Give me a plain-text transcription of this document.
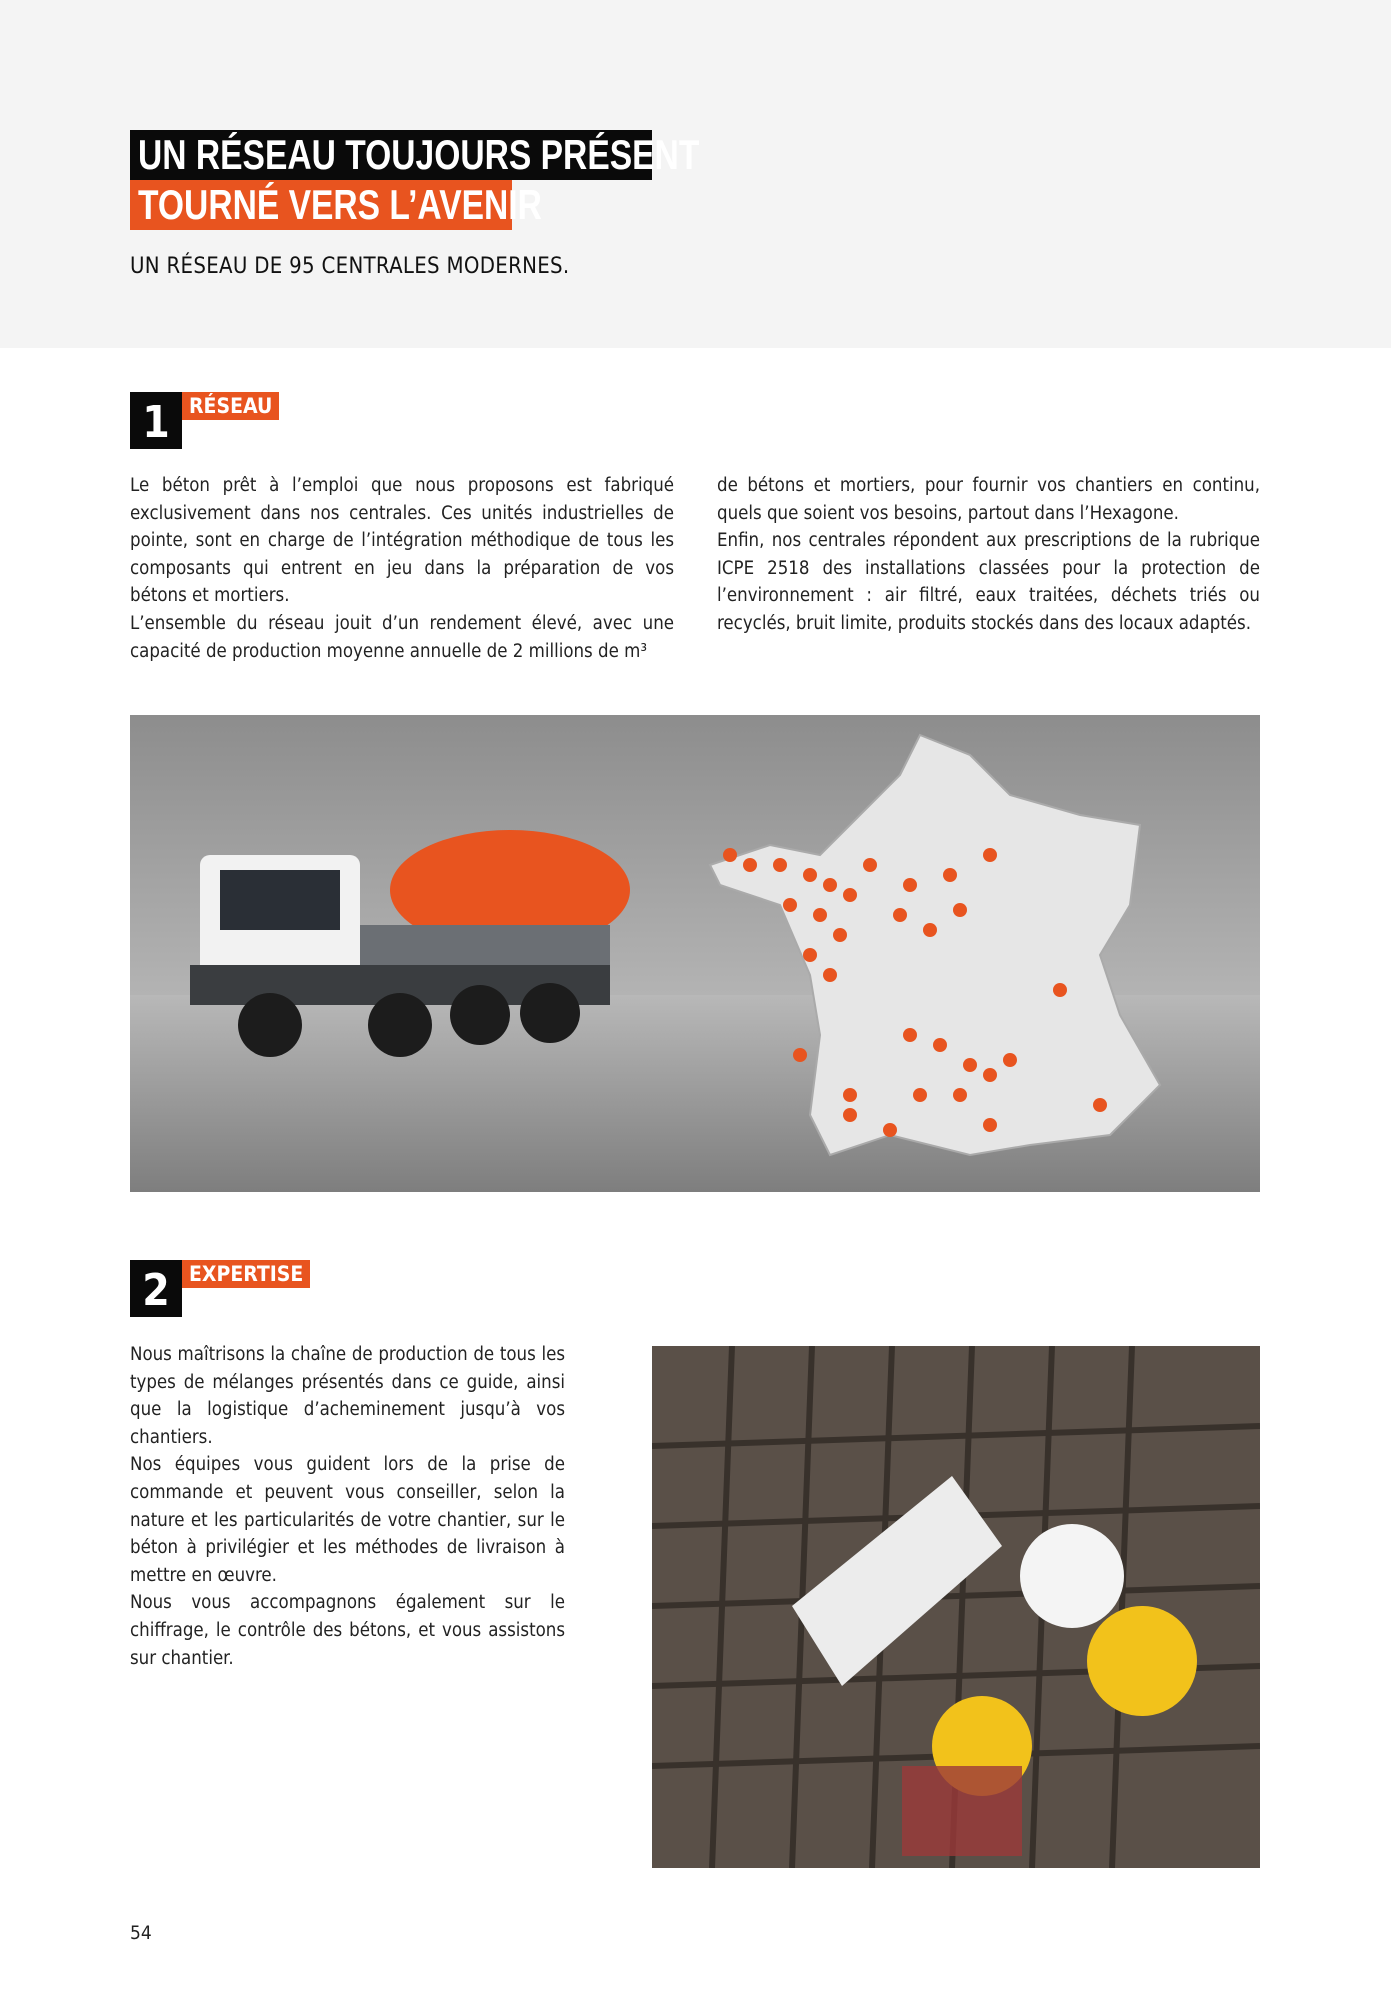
UN RÉSEAU TOUJOURS PRÉSENT
TOURNÉ VERS L’AVENIR
UN RÉSEAU DE 95 CENTRALES MODERNES.
1 RÉSEAU

Le béton prêt à l’emploi que nous proposons est fabriqué exclusivement dans nos centrales. Ces unités industrielles de pointe, sont en charge de l’intégration méthodique de tous les composants qui entrent en jeu dans la préparation de vos bétons et mortiers.

L’ensemble du réseau jouit d’un rendement élevé, avec une capacité de production moyenne annuelle de 2 millions de m³

de bétons et mortiers, pour fournir vos chantiers en continu, quels que soient vos besoins, partout dans l’Hexagone.

Enfin, nos centrales répondent aux prescriptions de la rubrique ICPE 2518 des installations classées pour la protection de l’environnement : air filtré, eaux traitées, déchets triés ou recyclés, bruit limite, produits stockés dans des locaux adaptés.

2 EXPERTISE

Nous maîtrisons la chaîne de production de tous les types de mélanges présentés dans ce guide, ainsi que la logistique d’acheminement jusqu’à vos chantiers.

Nos équipes vous guident lors de la prise de commande et peuvent vous conseiller, selon la nature et les particularités de votre chantier, sur le béton à privilégier et les méthodes de livraison à mettre en œuvre.

Nous vous accompagnons également sur le chiffrage, le contrôle des bétons, et vous assistons sur chantier.

54
